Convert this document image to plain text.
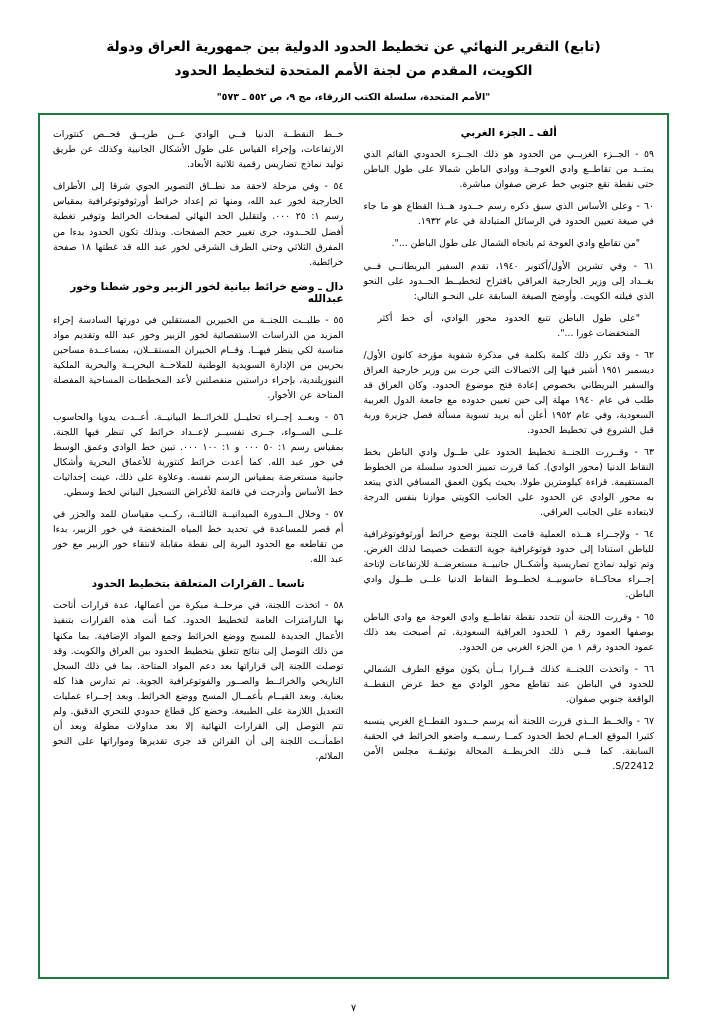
(تابع) التقرير النهائي عن تخطيط الحدود الدولية بين جمهورية العراق ودولة
الكويت، المقدم من لجنة الأمم المتحدة لتخطيط الحدود
"الأمم المتحدة، سلسلة الكتب الزرقاء، مج ٩، ص ٥٥٢ ـ ٥٧٣"
ألف ـ الجزء الغربي

٥٩ - الجــزء الغربــي من الحدود هو ذلك الجــزء الحدودي القائم الذي يمتــد من تقاطــع وادي العوجــة ووادي الباطن شمالا على طول الباطن حتى نقطة تقع جنوبي خط عرض صفوان مباشرة.

٦٠ - وعلى الأساس الذي سبق ذكره رسم حــدود هــذا القطاع هو ما جاء في صيغة تعيين الحدود في الرسائل المتبادلة في عام ١٩٣٢.

"من تقاطع وادي العوجة ثم باتجاه الشمال على طول الباطن ...".

٦١ - وفي تشرين الأول/أكتوبر ١٩٤٠، تقدم السفير البريطانــي فــي بغــداد إلى وزير الخارجية العراقي باقتراح لتخطيــط الحــدود على النحو الذي فيلته الكويت. وأوضح الصيغة السابقة على النحـو التالي:

"على طول الباطن تتبع الحدود محور الوادي، أي خط أكثر المنخفضات غورا ...".

٦٢ - وقد تكرر ذلك كلمة بكلمة في مذكرة شفوية مؤرخة كانون الأول/ ديسمبر ١٩٥١ أشير فيها إلى الاتصالات التي جرت بين وزير خارجية العراق والسفير البريطاني بخصوص إعادة فتح موضوع الحدود. وكان العراق قد طلب في عام ١٩٤٠ مهلة إلى حين تعيين حدوده مع جامعة الدول العربية السعودية، وفي عام ١٩٥٢ أعلن أنه يريد تسوية مسألة فصل جزيرة وربة قبل الشروع في تخطيط الحدود.

٦٣ - وقــررت اللجنــة تخطيط الحدود على طــول وادي الباطن بخط النقاط الدنيا (محور الوادي). كما قررت تمييز الحدود سلسلة من الخطوط المستقيمة. قراءة كيلومترين طولا. بحيث يكون العمق المسافي الذي يبتعد به محور الوادي عن الحدود على الجانب الكويتي موازنا بنفس الدرجة لابتعاده على الجانب العراقي.

٦٤ - ولإجــراء هــذه العملية قامت اللجنة بوضع خرائط أورثوفوتوغرافية للباطن استنادا إلى حدود فوتوغرافية جوية التقطت خصيصا لذلك الغرض. وتم توليد نماذج تصاريسية وأشكــال جانبيــة مستعرضــة للارتفاعات لإتاحة إجــراء محاكــاة حاسوبيــة لخطــوط النقاط الدنيا علــى طــول وادي الباطن.

٦٥ - وقررت اللجنة أن تتحدد نقطة تقاطــع وادي العوجة مع وادي الباطن بوصفها العمود رقم ١ للحدود العراقية السعودية. ثم أصبحت بعد ذلك عمود الحدود رقم ١ من الجزء الغربي من الحدود.

٦٦ - واتخذت اللجنــة كذلك قــرارا بــأن يكون موقع الطرف الشمالي للحدود في الباطن عند تقاطع محور الوادي مع خط عرض النقطــة الواقعة جنوبي صفوان.

٦٧ - والخــط الــذي قررت اللجنة أنه يرسم حــدود القطــاع الغربي ينسبه كثيرا الموقع العــام لخط الحدود كمــا رسمــه واضعو الخرائط في الحقبة السابقة. كما فــي ذلك الخريطــة المحالة بوثيقــة مجلس الأمن S/22412.

خــط النقطــة الدنيا فــي الوادي عــن طريــق فحــص كنتورات الارتفاعات، وإجراء القياس على طول الأشكال الجانبية وكذلك عن طريق توليد نماذج تضاريس رقمية ثلاثية الأبعاد.

٥٤ - وفي مرحلة لاحقة مد نطــاق التصوير الجوي شرقا إلى الأطراف الخارجية لخور عبد الله، ومنها تم إعداد خرائط أورثوفوتوغرافية بمقياس رسم ١: ٢٥ ٠٠٠. ولتقليل الحد النهائي لصفحات الخرائط وتوفير تغطية أفضل للحــدود، جرى تغيير حجم الصفحات. وبذلك تكون الحدود بدءا من المفرق الثلاثي وحتى الطرف الشرقي لخور عبد الله قد غطتها ١٨ صفحة خرائطية.

دال ـ وضع خرائط بيانية لخور الزبير وخور شطنا وخور عبدالله

٥٥ - طلبــت اللجنــة من الخبيرين المستقلين في دورتها السادسة إجراء المزيد من الدراسات الاستقصائية لخور الزبير وخور عبد الله وتقديم مواد مناسبة لكي ينظر فيهــا. وقــام الخبيران المستقــلان، بمساعــدة مساحين بحريين من الإدارة السويدية الوطنية للملاحــة البحريــة والبحرية الملكية النيوزيلندية، بإجراء دراستين منفصلتين لأعد المخططات المساحية المفصلة المتاحة عن الأخوار.

٥٦ - وبعــد إجــراء تحليــل للخرائــط البيانيــة. أعــدت يدويا والحاسوب علــى الســواء، جــرى تفسيــر لإعــداد خرائط كي تنظر فيها اللجنة. بمقياس رسم ١: ٥٠ ٠٠٠ و ١: ١٠٠ ٠٠٠. تبين خط الوادي وعمق الوسط في خور عبد الله. كما أعدت خرائط كنتورية للأعماق البحرية وأشكال جانبية مستعرضة بمقياس الرسم نفسه. وعلاوة على ذلك، عينت إحداثيات خط الأساس وأدرجت في قائمة للأغراض التسجيل البياني لخط وسطي.

٥٧ - وخلال الــدورة الميدانيــة الثالثــة، ركــب مقياسان للمد والجزر في أم قصر للمساعدة في تحديد خط المياه المنخفضة في خور الزبير، بدءا من تقاطعه مع الحدود البرية إلى نقطة مقابلة لانتقاء خور الزبير مع خور عبد الله.

تاسعا ـ القرارات المتعلقة بتخطيط الحدود

٥٨ - اتخذت اللجنة، في مرحلــة مبكرة من أعمالها، عدة قرارات أتاحت بها البارامترات العامة لتخطيط الحدود. كما أنت هذه القرارات بتنفيذ الأعمال الجديدة للمسح ووضع الخرائط وجمع المواد الإضافية. بما مكنها من ذلك التوصل إلى نتائج تتعلق بتخطيط الحدود بين العراق والكويت. وقد توصلت اللجنة إلى قراراتها بعد دعم المواد المتاحة. بما في ذلك السجل التاريخي والخرائــط والصــور والفوتوغرافية الجوية. تم تدارس هذا كله بعناية. وبعد القيــام بأعمــال المسح ووضع الخرائط. وبعد إجــراء عمليات التعديل اللازمة على الطبيعة. وخضع كل قطاع حدودي للتحري الدقيق. ولم تتم التوصل إلى القرارات النهائية إلا بعد مداولات مطولة وبعد أن اطمأنــت اللجنة إلى أن القرائن قد جرى تقديرها ومواراتها على النحو الملائم.

٧
